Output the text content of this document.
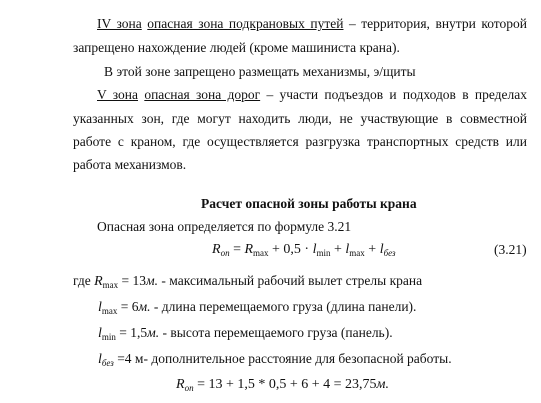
IV зона опасная зона подкрановых путей – территория, внутри которой
запрещено нахождение людей (кроме машиниста крана).
В этой зоне запрещено размещать механизмы, э/щиты
V зона опасная зона дорог – участи подъездов и подходов в пределах
указанных зон, где могут находить люди, не участвующие в совместной
работе с краном, где осуществляется разгрузка транспортных средств или
работа механизмов.
Расчет опасной зоны работы крана
Опасная зона определяется по формуле 3.21
$R_{оп} = R_{max} + 0,5 \cdot l_{min} + l_{max} + l_{без}$	(3.21)
где $R_{max} = 13м$. - максимальный рабочий вылет стрелы крана
$l_{max} = 6м$. - длина перемещаемого груза (длина панели).
$l_{min} = 1,5м$. - высота перемещаемого груза (панель).
$l_{без} =4$ м- дополнительное расстояние для безопасной работы.
$R_{оп} = 13 + 1,5 * 0,5 + 6 + 4 = 23,75м$.
